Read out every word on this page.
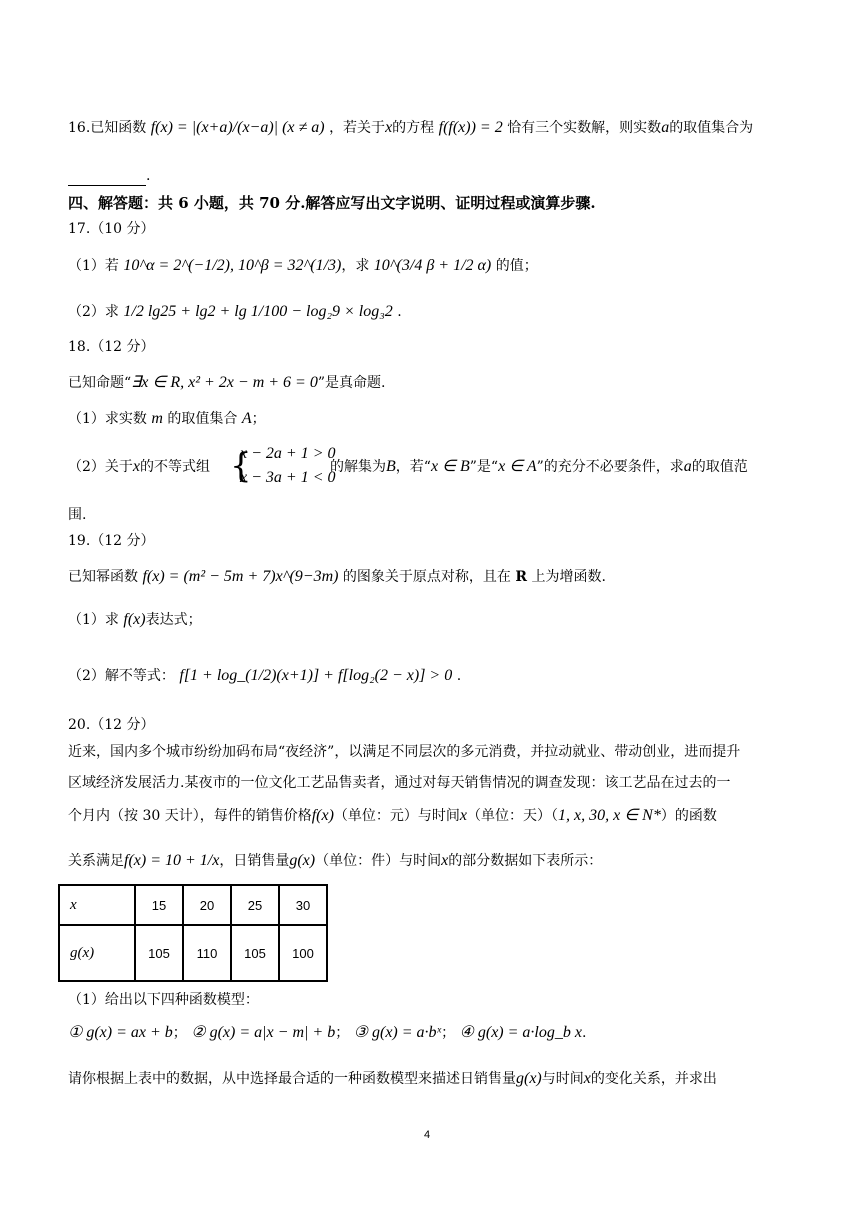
16.已知函数 f(x) = |(x+a)/(x−a)| (x ≠ a) ，若关于x的方程 f(f(x)) = 2 恰有三个实数解，则实数a的取值集合为
.
四、解答题：共 6 小题，共 70 分.解答应写出文字说明、证明过程或演算步骤.
17.（10 分）
（1）若 10^α = 2^(−1/2), 10^β = 32^(1/3)，求 10^(3/4 β + 1/2 α) 的值；
（2）求 1/2 lg25 + lg2 + lg 1/100 − log₂9 × log₃2 .
18.（12 分）
已知命题“∃x ∈ R, x² + 2x − m + 6 = 0”是真命题.
（1）求实数 m 的取值集合 A；
（2）关于x的不等式组 {
x − 2a + 1 > 0
x − 3a + 1 < 0
的解集为B，若“x ∈ B”是“x ∈ A”的充分不必要条件，求a的取值范
围.
19.（12 分）
已知幂函数 f(x) = (m² − 5m + 7)x^(9−3m) 的图象关于原点对称，且在 R 上为增函数.
（1）求 f(x)表达式；
（2）解不等式： f[1 + log_(1/2)(x+1)] + f[log₂(2 − x)] > 0 .
20.（12 分）
近来，国内多个城市纷纷加码布局“夜经济”，以满足不同层次的多元消费，并拉动就业、带动创业，进而提升
区域经济发展活力.某夜市的一位文化工艺品售卖者，通过对每天销售情况的调查发现：该工艺品在过去的一
个月内（按 30 天计），每件的销售价格f(x)（单位：元）与时间x（单位：天）（1, x, 30, x ∈ N*）的函数
关系满足f(x) = 10 + 1/x，日销售量g(x)（单位：件）与时间x的部分数据如下表所示：
x	15	20	25	30
g(x)	105	110	105	100
（1）给出以下四种函数模型：
① g(x) = ax + b； ② g(x) = a|x − m| + b； ③ g(x) = a·bˣ； ④ g(x) = a·log_b x.
请你根据上表中的数据，从中选择最合适的一种函数模型来描述日销售量g(x)与时间x的变化关系，并求出
4
